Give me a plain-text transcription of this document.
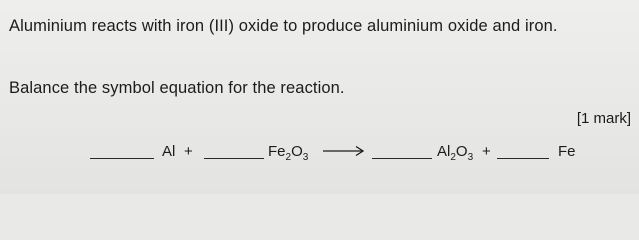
Aluminium reacts with iron (III) oxide to produce aluminium oxide and iron.
Balance the symbol equation for the reaction.
[1 mark]
Al +	$Fe_2O_3$ →	$Al_2O_3$ +	Fe
